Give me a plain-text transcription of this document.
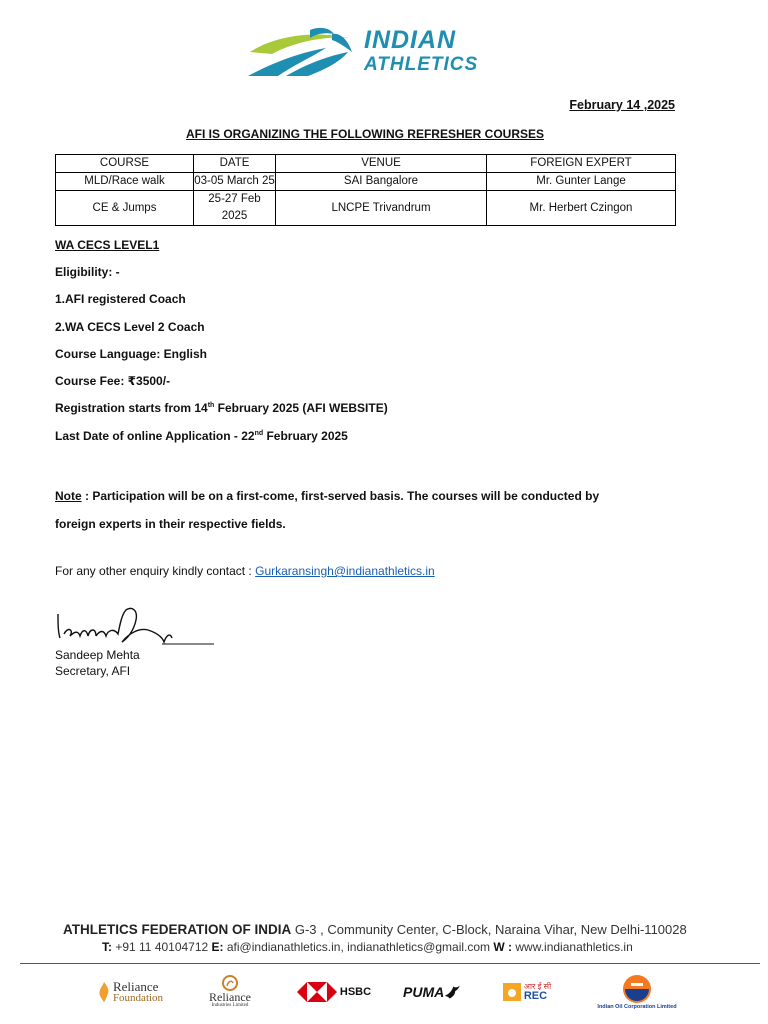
INDIAN
ATHLETICS
February 14 ,2025
AFI IS ORGANIZING THE FOLLOWING REFRESHER COURSES
COURSE	DATE	VENUE	FOREIGN EXPERT
MLD/Race walk	03-05 March 25	SAI Bangalore	Mr. Gunter Lange
CE & Jumps	25-27 Feb 2025	LNCPE Trivandrum	Mr. Herbert Czingon
WA CECS LEVEL1
Eligibility: -
1.AFI registered Coach
2.WA CECS Level 2 Coach
Course Language: English
Course Fee: ₹3500/-
Registration starts from 14th February 2025 (AFI WEBSITE)
Last Date of online Application - 22nd February 2025
Note : Participation will be on a first-come, first-served basis. The courses will be conducted by foreign experts in their respective fields.
For any other enquiry kindly contact : Gurkaransingh@indianathletics.in
Sandeep Mehta
Secretary, AFI
ATHLETICS FEDERATION OF INDIA G-3 , Community Center, C-Block, Naraina Vihar, New Delhi-110028
T: +91 11 40104712 E: afi@indianathletics.in, indianathletics@gmail.com W : www.indianathletics.in
Reliance
Foundation	Reliance
Industries Limited
HSBC PUMA	आर ई सी
REC
Indian Oil Corporation Limited
